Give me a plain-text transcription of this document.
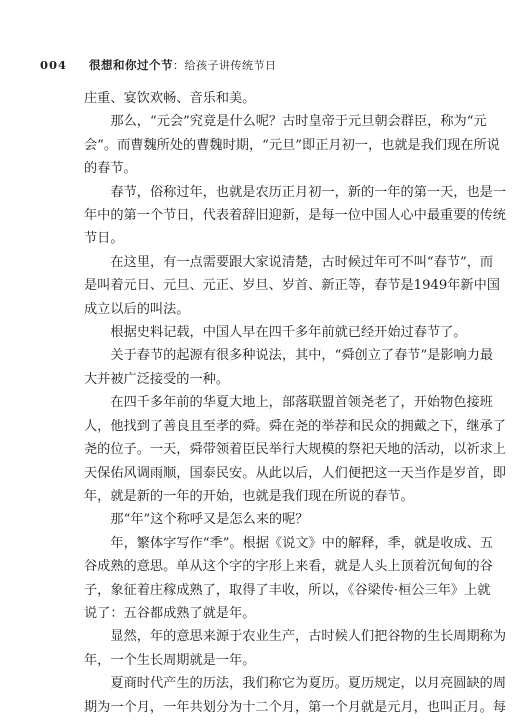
004 很想和你过个节：给孩子讲传统节日

庄重、宴饮欢畅、音乐和美。

那么，“元会”究竟是什么呢？古时皇帝于元旦朝会群臣，称为“元

会”。而曹魏所处的曹魏时期，“元旦”即正月初一，也就是我们现在所说

的春节。

春节，俗称过年，也就是农历正月初一，新的一年的第一天，也是一

年中的第一个节日，代表着辞旧迎新，是每一位中国人心中最重要的传统

节日。

在这里，有一点需要跟大家说清楚，古时候过年可不叫“春节”，而

是叫着元日、元旦、元正、岁旦、岁首、新正等，春节是1949年新中国

成立以后的叫法。

根据史料记载，中国人早在四千多年前就已经开始过春节了。

关于春节的起源有很多种说法，其中，“舜创立了春节”是影响力最

大并被广泛接受的一种。

在四千多年前的华夏大地上，部落联盟首领尧老了，开始物色接班

人，他找到了善良且至孝的舜。舜在尧的举荐和民众的拥戴之下，继承了

尧的位子。一天，舜带领着臣民举行大规模的祭祀天地的活动，以祈求上

天保佑风调雨顺，国泰民安。从此以后，人们便把这一天当作是岁首，即

年，就是新的一年的开始，也就是我们现在所说的春节。

那“年”这个称呼又是怎么来的呢？

年，繁体字写作“秊”。根据《说文》中的解释，秊，就是收成、五

谷成熟的意思。单从这个字的字形上来看，就是人头上顶着沉甸甸的谷

子，象征着庄稼成熟了，取得了丰收，所以，《谷梁传·桓公三年》上就

说了：五谷都成熟了就是年。

显然，年的意思来源于农业生产，古时候人们把谷物的生长周期称为

年，一个生长周期就是一年。

夏商时代产生的历法，我们称它为夏历。夏历规定，以月亮圆缺的周

期为一个月，一年共划分为十二个月，第一个月就是元月，也叫正月。每
